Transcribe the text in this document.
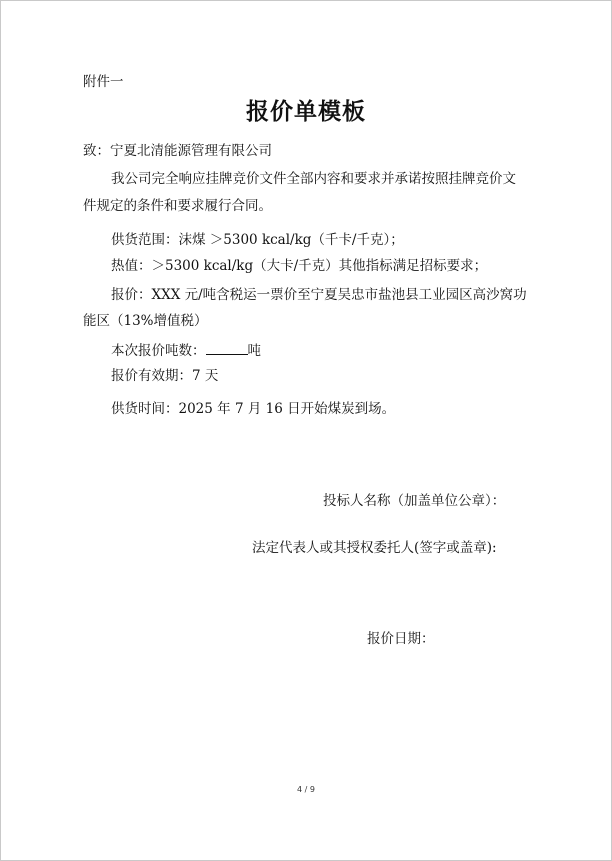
附件一

报价单模板

致：宁夏北清能源管理有限公司

我公司完全响应挂牌竞价文件全部内容和要求并承诺按照挂牌竞价文

件规定的条件和要求履行合同。

供货范围：沫煤 ＞5300 kcal/kg（千卡/千克）；

热值：＞5300 kcal/kg（大卡/千克）其他指标满足招标要求；

报价：XXX 元/吨含税运一票价至宁夏吴忠市盐池县工业园区高沙窝功

能区（13%增值税）

本次报价吨数：	吨

报价有效期：7 天

供货时间：2025 年 7 月 16 日开始煤炭到场。

投标人名称（加盖单位公章）：

法定代表人或其授权委托人(签字或盖章):

报价日期：

4 / 9
